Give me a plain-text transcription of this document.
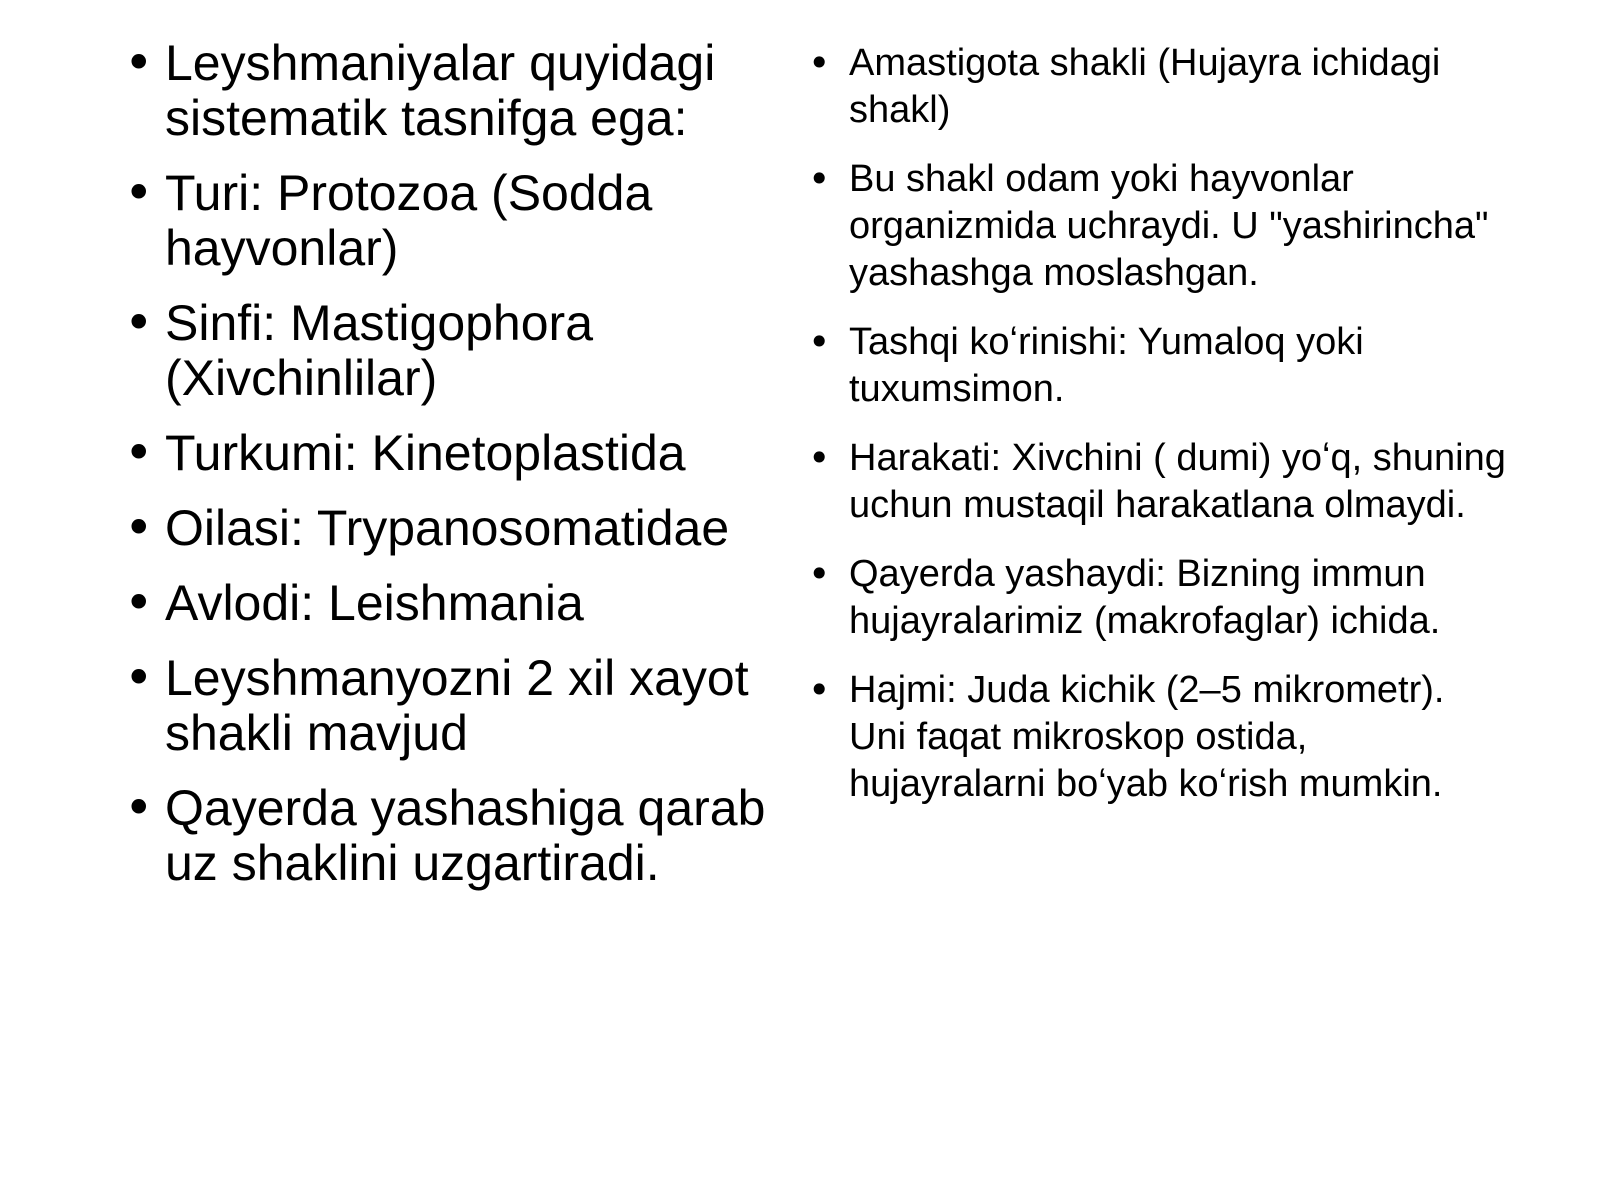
• Leyshmaniyalar quyidagi sistematik tasnifga ega:
• Turi: Protozoa (Sodda hayvonlar)
• Sinfi: Mastigophora (Xivchinlilar)
• Turkumi: Kinetoplastida
• Oilasi: Trypanosomatidae
• Avlodi: Leishmania
• Leyshmanyozni 2 xil xayot shakli mavjud
• Qayerda yashashiga qarab uz shaklini uzgartiradi.
• Amastigota shakli (Hujayra ichidagi shakl)
• Bu shakl odam yoki hayvonlar organizmida uchraydi. U "yashirincha" yashashga moslashgan.
• Tashqi koʻrinishi: Yumaloq yoki tuxumsimon.
• Harakati: Xivchini ( dumi) yoʻq, shuning uchun mustaqil harakatlana olmaydi.
• Qayerda yashaydi: Bizning immun hujayralarimiz (makrofaglar) ichida.
• Hajmi: Juda kichik (2–5 mikrometr). Uni faqat mikroskop ostida, hujayralarni boʻyab koʻrish mumkin.
